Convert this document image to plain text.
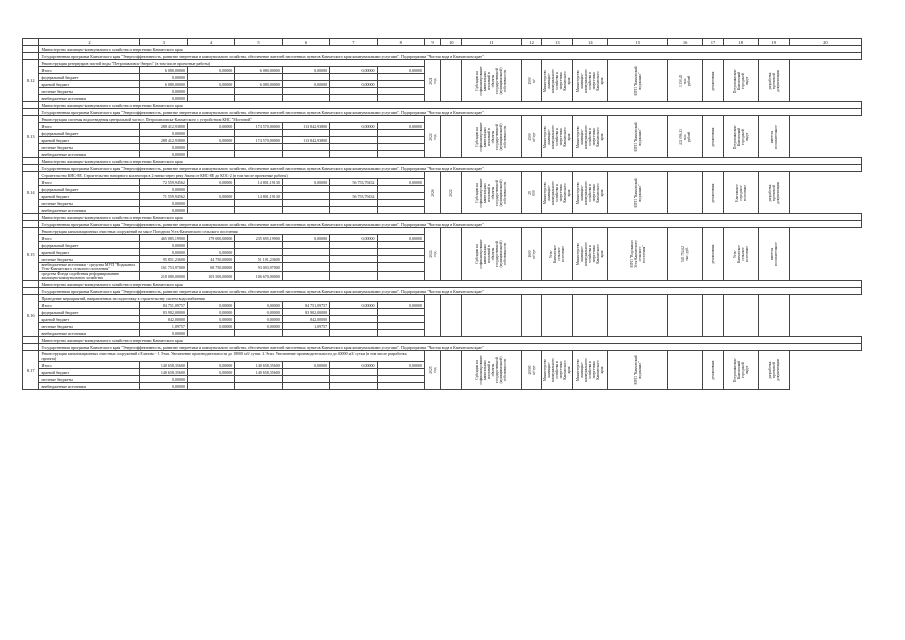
	2	3	4	5	6	7	8	9	10	11	12	13	14	15	16	17	18	19	20
	Министерство жилищно-коммунального хозяйства и энергетики Камчатского края																		
	Государственная программа Камчатского края "Энергоэффективность, развитие энергетики и коммунального хозяйства, обеспечение жителей населенных пунктов Камчатского края коммунальными услугами". Подпрограмма "Чистая вода в Камчатском крае"																		
8.12	Реконструкция резервуаров чистой воды "Петропавловск-Энерго" (в том числе проектные работы)							2021 год		Субсидии на софинансирование капитальных вложений в объекты государственной (муниципальной) собственности	1500 м³	Министерство жилищно-коммунального хозяйства и энергетики Камчатского края	Министерство жилищно-коммунального хозяйства и энергетики Камчатского края	МУП "Камчатский водоканал"	3 350,45 тыс. рублей	реализована	Петропавловск-Камчатский городской округ	разработка проектной документации	

	Итого	6 080,00000	0,00000	6 080,00000	0,00000	0,00000	0,00000												
	федеральный бюджет	0,00000																	
	краевой бюджет	6 080,00000	0,00000	6 080,00000	0,00000	0,00000													
	местные бюджеты	0,00000																	
	внебюджетные источники	0,00000																	
	Министерство жилищно-коммунального хозяйства и энергетики Камчатского края																		
	Государственная программа Камчатского края "Энергоэффективность, развитие энергетики и коммунального хозяйства, обеспечение жителей населенных пунктов Камчатского края коммунальными услугами". Подпрограмма "Чистая вода в Камчатском крае"																		
8.13	Реконструкция системы водоотведения центральной части г. Петропавловска-Камчатского с устройством КНС "Мостовой"							2022 год		Субсидии на софинансирование капитальных вложений в объекты государственной (муниципальной) собственности	4500 м³/сут	Министерство жилищно-коммунального хозяйства и энергетики Камчатского края	Министерство жилищно-коммунального хозяйства и энергетики Камчатского края	МУП "Камчатский водоканал"	432 096,13 тыс. рублей	реализована	Петропавловск-Камчатский городской округ	имеется положительное	

	Итого	288 412,93800	0,00000	174 570,00000	113 842,93800	0,00000	0,00000												
	федеральный бюджет	0,00000																	
	краевой бюджет	288 412,93800	0,00000	174 570,00000	113 842,93800														
	местные бюджеты	0,00000																	
	внебюджетные источники	0,00000																	
	Министерство жилищно-коммунального хозяйства и энергетики Камчатского края																		
	Государственная программа Камчатского края "Энергоэффективность, развитие энергетики и коммунального хозяйства, обеспечение жителей населенных пунктов Камчатского края коммунальными услугами". Подпрограмма "Чистая вода в Камчатском крае"																		
8.14	Строительство КНС-8Е. Строительство напорного коллектора в 2 нитки через реку Авача от КНС-8Е до КОС-2 (в том числе проектные работы)							2026	2022	Субсидии на софинансирование капитальных вложений в объекты государственной (муниципальной) собственности	29 000	Министерство жилищно-коммунального хозяйства и энергетики Камчатского края	Министерство жилищно-коммунального хозяйства и энергетики Камчатского края	МУП "Камчатский водоканал"		реализована	Елизовское городское поселение	разработка проектной документации	

	Итого	72 559,94562	0,00000	14 801,19130	0,00000	56 753,79432	0,00000												
	федеральный бюджет	0,00000																	
	краевой бюджет	71 559,94562	0,00000	14 801,19130		56 753,79432													
	местные бюджеты	0,00000																	
	внебюджетные источники	0,00000																	
	Министерство жилищно-коммунального хозяйства и энергетики Камчатского края																		
	Государственная программа Камчатского края "Энергоэффективность, развитие энергетики и коммунального хозяйства, обеспечение жителей населенных пунктов Камчатского края коммунальными услугами". Подпрограмма "Чистая вода в Камчатском крае"																		
8.15	Реконструкция канализационных очистных сооружений на мысе Погодном Усть-Камчатского сельского поселения							2024 год		Субсидии на софинансирование капитальных вложений в объекты государственной (муниципальной) собственности	1600 м³/сут	Усть-Камчатское сельское поселение	Министерство жилищно-коммунального хозяйства и энергетики Камчатского края	МУП "Водоканал Усть-Камчатского сельского поселения"	545 754,62 тыс. руб.	реализована	Усть-Камчатское сельское поселение	имеется положительное	

	Итого	465 085,19900	179 000,00000	235 695,19900	0,00000	0,00000	0,00000												
	федеральный бюджет	0,00000																	
	краевой бюджет	0,00000	0,00000																
	местные бюджеты	95 851,23600	44 750,00000	51 101,23600															
	внебюджетные источники - средства МУП "Водоканал Усть-Камчатского сельского поселения"	161 753,97000	68 750,00000	93 003,97000															
	средства Фонда содействия реформированию жилищно-коммунального хозяйства	218 080,00000	103 500,00000	106 670,00000															
	Министерство жилищно-коммунального хозяйства и энергетики Камчатского края																		
	Государственная программа Камчатского края "Энергоэффективность, развитие энергетики и коммунального хозяйства, обеспечение жителей населенных пунктов Камчатского края коммунальными услугами". Подпрограмма "Чистая вода в Камчатском крае"																		
8.16	Проведение мероприятий, направленных на подготовку к строительству систем водоснабжения								

	Итого	84 751,09757	0,00000	0,00000	84 751,09757	0,00000	0,00000												
	федеральный бюджет	83 902,00000	0,00000	0,00000	83 902,00000														
	краевой бюджет	842,00000	0,00000	0,00000	842,00000														
	местные бюджеты	1,09757	0,00000	0,00000	1,09757														
	внебюджетные источники	0,00000																	
	Министерство жилищно-коммунального хозяйства и энергетики Камчатского края																		
	Государственная программа Камчатского края "Энергоэффективность, развитие энергетики и коммунального хозяйства, обеспечение жителей населенных пунктов Камчатского края коммунальными услугами". Подпрограмма "Чистая вода в Камчатском крае"																		
8.17	Реконструкция канализационных очистных сооружений г.Елизово - 1 Этап. Увеличение производительности до 18000 м3/ сутки. 2 Этап. Увеличение производительности до 40000 м3/ сутки (в том числе разработка проекта)							2025 год		Субсидии на софинансирование капитальных вложений в объекты государственной (муниципальной) собственности	40000 м³/сут	Министерство жилищно-коммунального хозяйства и энергетики Камчатского края	Министерство жилищно-коммунального хозяйства и энергетики Камчатского края	МУП "Камчатский водоканал"		реализована	Петропавловск-Камчатский городской округ	разработка проектной документации	

	Итого	140 658,35600	0,00000	140 658,35600	0,00000	0,00000	0,00000												
	краевой бюджет	140 658,35600	0,00000	140 658,35600															
	местные бюджеты	0,00000																	
	внебюджетные источники	0,00000																	
